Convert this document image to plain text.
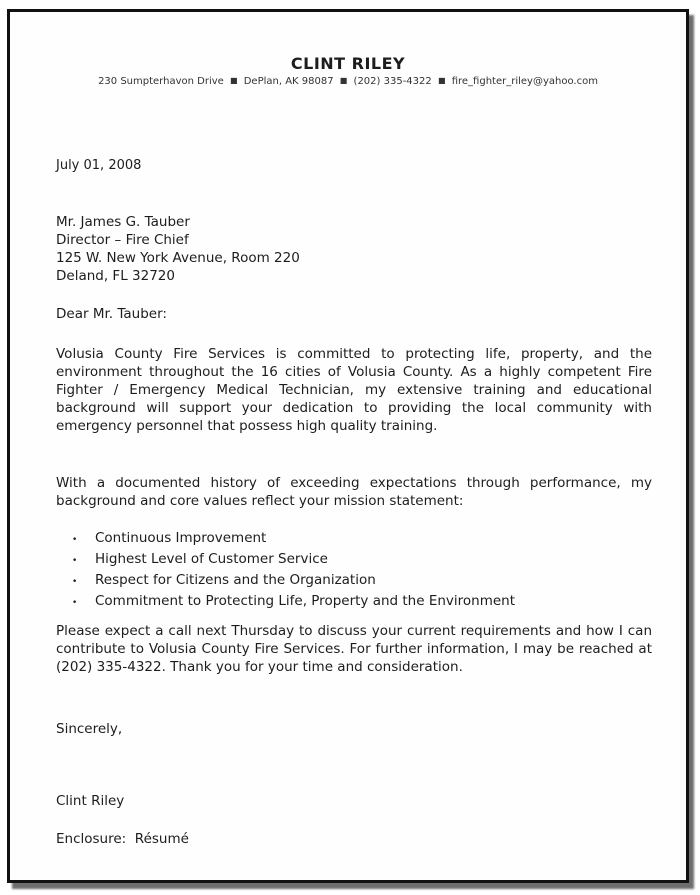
CLINT RILEY
230 Sumpterhavon Drive ■ DePlan, AK 98087 ■ (202) 335-4322 ■ fire_fighter_riley@yahoo.com
July 01, 2008
Mr. James G. Tauber
Director – Fire Chief
125 W. New York Avenue, Room 220
Deland, FL 32720
Dear Mr. Tauber:
Volusia County Fire Services is committed to protecting life, property, and the environment throughout the 16 cities of Volusia County. As a highly competent Fire Fighter / Emergency Medical Technician, my extensive training and educational background will support your dedication to providing the local community with emergency personnel that possess high quality training.
With a documented history of exceeding expectations through performance, my background and core values reflect your mission statement:
• Continuous Improvement
• Highest Level of Customer Service
• Respect for Citizens and the Organization
• Commitment to Protecting Life, Property and the Environment
Please expect a call next Thursday to discuss your current requirements and how I can contribute to Volusia County Fire Services. For further information, I may be reached at (202) 335-4322. Thank you for your time and consideration.
Sincerely,
Clint Riley
Enclosure:  Résumé
